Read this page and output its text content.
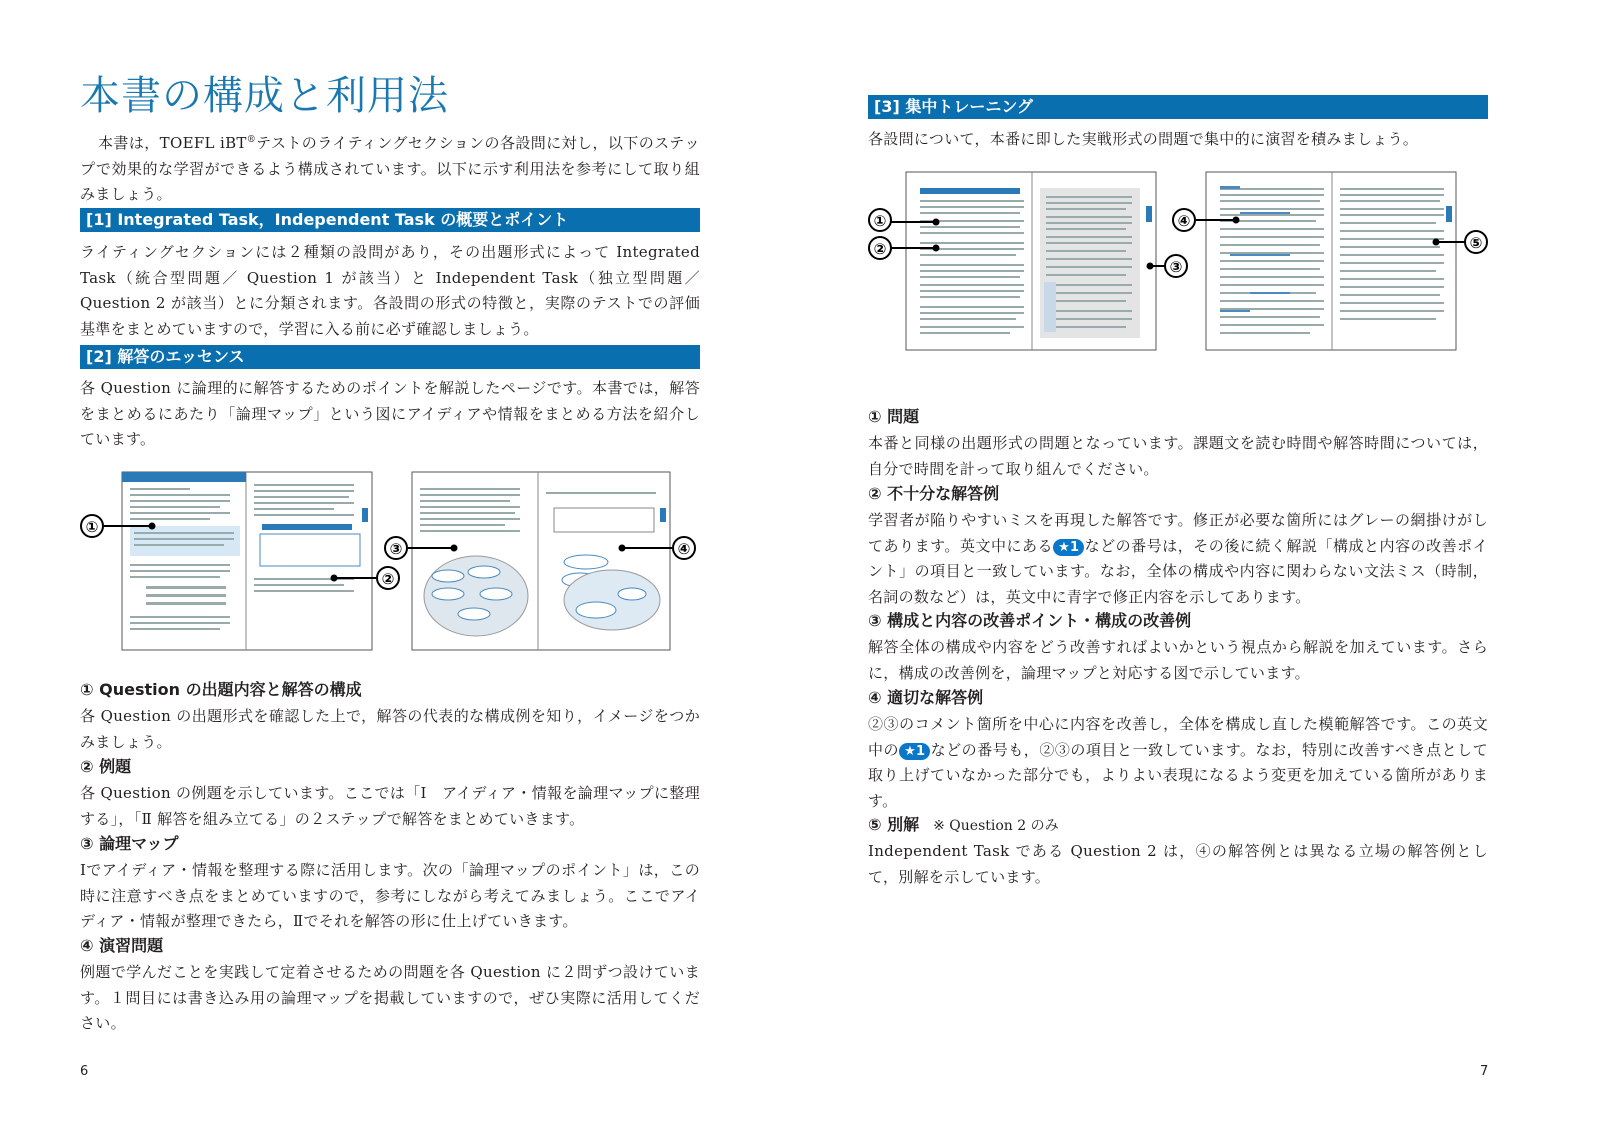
本書の構成と利用法

本書は，TOEFL iBT®テストのライティングセクションの各設問に対し，以下のステップで効果的な学習ができるよう構成されています。以下に示す利用法を参考にして取り組みましょう。

[1] Integrated Task，Independent Task の概要とポイント

ライティングセクションには２種類の設問があり，その出題形式によって Integrated Task（統合型問題／ Question 1 が該当）と Independent Task（独立型問題／ Question 2 が該当）とに分類されます。各設問の形式の特徴と，実際のテストでの評価基準をまとめていますので，学習に入る前に必ず確認しましょう。

[2] 解答のエッセンス

各 Question に論理的に解答するためのポイントを解説したページです。本書では，解答をまとめるにあたり「論理マップ」という図にアイディアや情報をまとめる方法を紹介しています。

①
②
③	④
① Question の出題内容と解答の構成

各 Question の出題形式を確認した上で，解答の代表的な構成例を知り，イメージをつかみましょう。

② 例題

各 Question の例題を示しています。ここでは「Ⅰ　アイディア・情報を論理マップに整理する」，「Ⅱ 解答を組み立てる」の２ステップで解答をまとめていきます。

③ 論理マップ

Ⅰでアイディア・情報を整理する際に活用します。次の「論理マップのポイント」は，この時に注意すべき点をまとめていますので，参考にしながら考えてみましょう。ここでアイディア・情報が整理できたら，Ⅱでそれを解答の形に仕上げていきます。

④ 演習問題

例題で学んだことを実践して定着させるための問題を各 Question に２問ずつ設けています。１問目には書き込み用の論理マップを掲載していますので，ぜひ実際に活用してください。

6
[3] 集中トレーニング

各設問について，本番に即した実戦形式の問題で集中的に演習を積みましょう。

①
②
③
④
⑤
① 問題

本番と同様の出題形式の問題となっています。課題文を読む時間や解答時間については，自分で時間を計って取り組んでください。

② 不十分な解答例

学習者が陥りやすいミスを再現した解答です。修正が必要な箇所にはグレーの網掛けがしてあります。英文中にある ★1 などの番号は，その後に続く解説「構成と内容の改善ポイント」の項目と一致しています。なお，全体の構成や内容に関わらない文法ミス（時制，名詞の数など）は，英文中に青字で修正内容を示してあります。

③ 構成と内容の改善ポイント・構成の改善例

解答全体の構成や内容をどう改善すればよいかという視点から解説を加えています。さらに，構成の改善例を，論理マップと対応する図で示しています。

④ 適切な解答例

②③のコメント箇所を中心に内容を改善し，全体を構成し直した模範解答です。この英文中の ★1 などの番号も，②③の項目と一致しています。なお，特別に改善すべき点として取り上げていなかった部分でも，よりよい表現になるよう変更を加えている箇所があります。

⑤ 別解 ※ Question 2 のみ

Independent Task である Question 2 は，④の解答例とは異なる立場の解答例として，別解を示しています。

7
